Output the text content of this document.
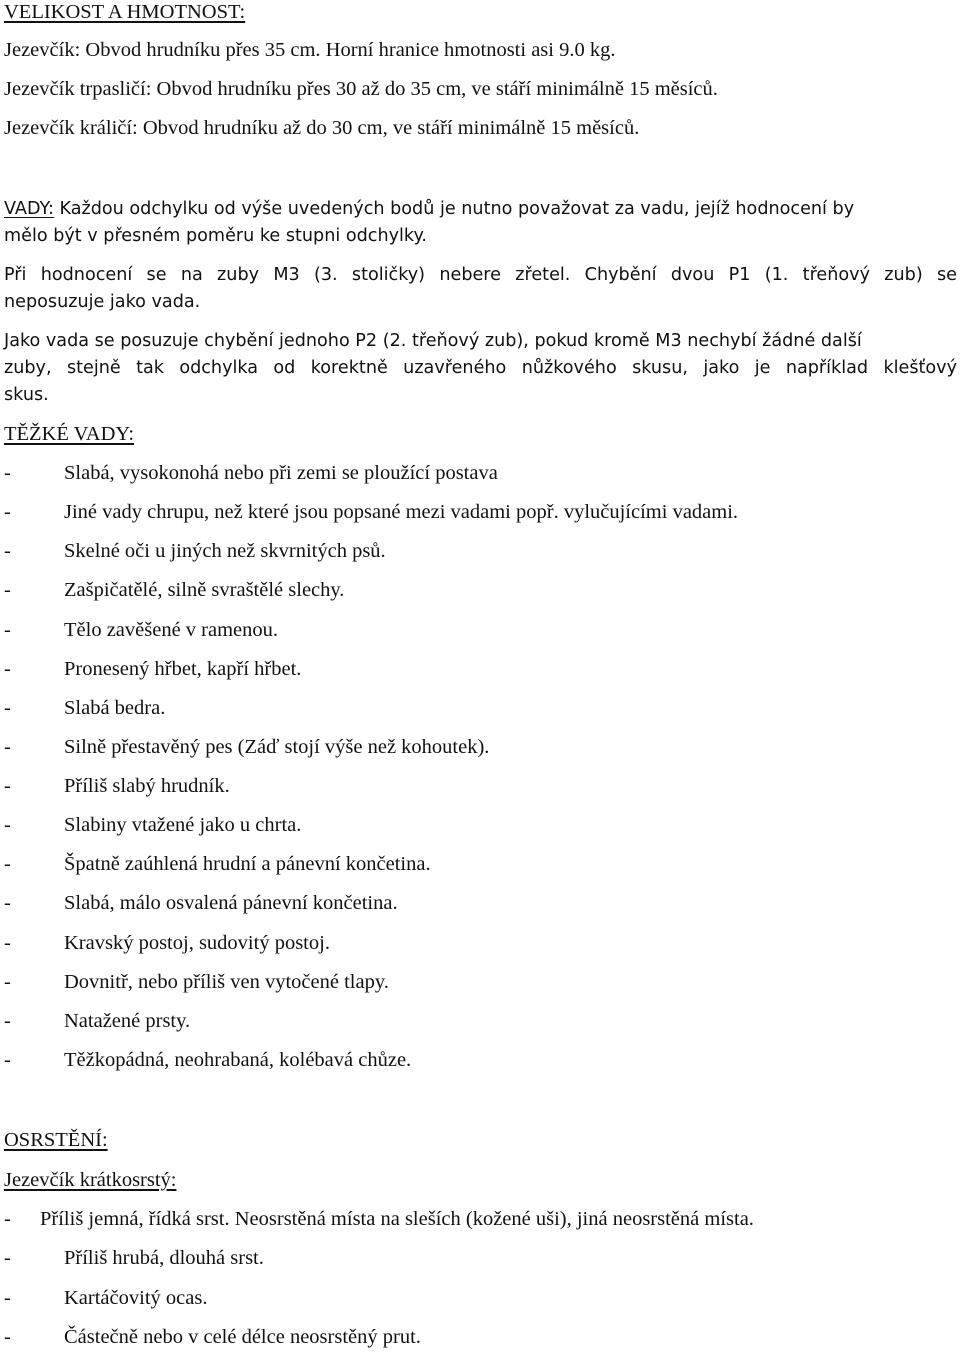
VELIKOST A HMOTNOST:
Jezevčík: Obvod hrudníku přes 35 cm. Horní hranice hmotnosti asi 9.0 kg.
Jezevčík trpasličí: Obvod hrudníku přes 30 až do 35 cm, ve stáří minimálně 15 měsíců.
Jezevčík králičí: Obvod hrudníku až do 30 cm, ve stáří minimálně 15 měsíců.
VADY: Každou odchylku od výše uvedených bodů je nutno považovat za vadu, jejíž hodnocení by
mělo být v přesném poměru ke stupni odchylky.
Při hodnocení se na zuby M3 (3. stoličky) nebere zřetel. Chybění dvou P1 (1. třeňový zub) se
neposuzuje jako vada.
Jako vada se posuzuje chybění jednoho P2 (2. třeňový zub), pokud kromě M3 nechybí žádné další
zuby, stejně tak odchylka od korektně uzavřeného nůžkového skusu, jako je například klešťový
skus.
TĚŽKÉ VADY:
-	Slabá, vysokonohá nebo při zemi se ploužící postava
-	Jiné vady chrupu, než které jsou popsané mezi vadami popř. vylučujícími vadami.
-	Skelné oči u jiných než skvrnitých psů.
-	Zašpičatělé, silně svraštělé slechy.
-	Tělo zavěšené v ramenou.
-	Pronesený hřbet, kapří hřbet.
-	Slabá bedra.
-	Silně přestavěný pes (Záď stojí výše než kohoutek).
-	Příliš slabý hrudník.
-	Slabiny vtažené jako u chrta.
-	Špatně zaúhlená hrudní a pánevní končetina.
-	Slabá, málo osvalená pánevní končetina.
-	Kravský postoj, sudovitý postoj.
-	Dovnitř, nebo příliš ven vytočené tlapy.
-	Natažené prsty.
-	Těžkopádná, neohrabaná, kolébavá chůze.
OSRSTĚNÍ:
Jezevčík krátkosrstý:
- Příliš jemná, řídká srst. Neosrstěná místa na sleších (kožené uši), jiná neosrstěná místa.
-	Příliš hrubá, dlouhá srst.
-	Kartáčovitý ocas.
-	Částečně nebo v celé délce neosrstěný prut.
